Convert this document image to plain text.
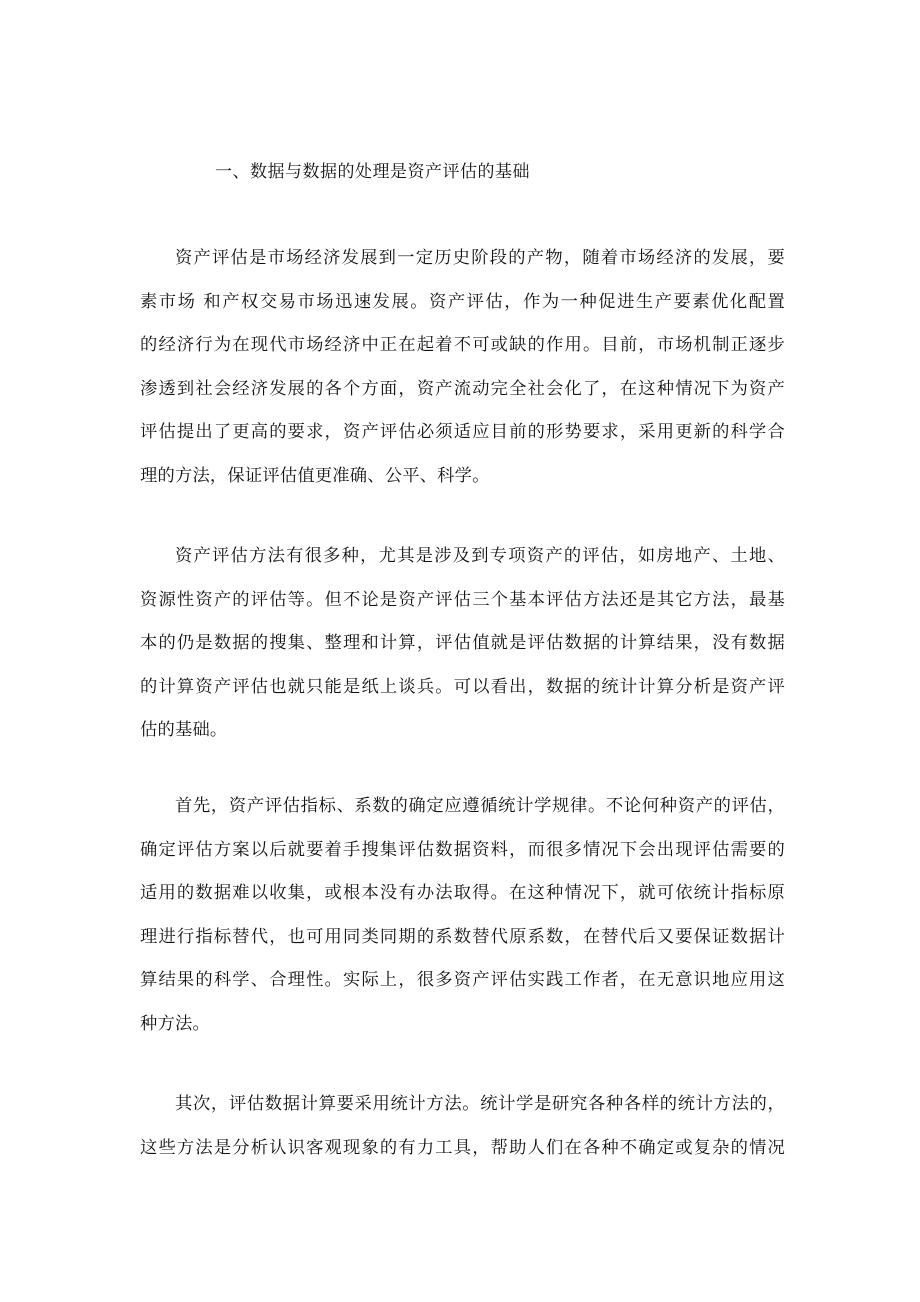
一、数据与数据的处理是资产评估的基础
资产评估是市场经济发展到一定历史阶段的产物，随着市场经济的发展，要
素市场 和产权交易市场迅速发展。资产评估，作为一种促进生产要素优化配置
的经济行为在现代市场经济中正在起着不可或缺的作用。目前，市场机制正逐步
渗透到社会经济发展的各个方面，资产流动完全社会化了，在这种情况下为资产
评估提出了更高的要求，资产评估必须适应目前的形势要求，采用更新的科学合
理的方法，保证评估值更准确、公平、科学。
资产评估方法有很多种，尤其是涉及到专项资产的评估，如房地产、土地、
资源性资产的评估等。但不论是资产评估三个基本评估方法还是其它方法，最基
本的仍是数据的搜集、整理和计算，评估值就是评估数据的计算结果，没有数据
的计算资产评估也就只能是纸上谈兵。可以看出，数据的统计计算分析是资产评
估的基础。
首先，资产评估指标、系数的确定应遵循统计学规律。不论何种资产的评估，
确定评估方案以后就要着手搜集评估数据资料，而很多情况下会出现评估需要的
适用的数据难以收集，或根本没有办法取得。在这种情况下，就可依统计指标原
理进行指标替代，也可用同类同期的系数替代原系数，在替代后又要保证数据计
算结果的科学、合理性。实际上，很多资产评估实践工作者，在无意识地应用这
种方法。
其次，评估数据计算要采用统计方法。统计学是研究各种各样的统计方法的，
这些方法是分析认识客观现象的有力工具，帮助人们在各种不确定或复杂的情况
